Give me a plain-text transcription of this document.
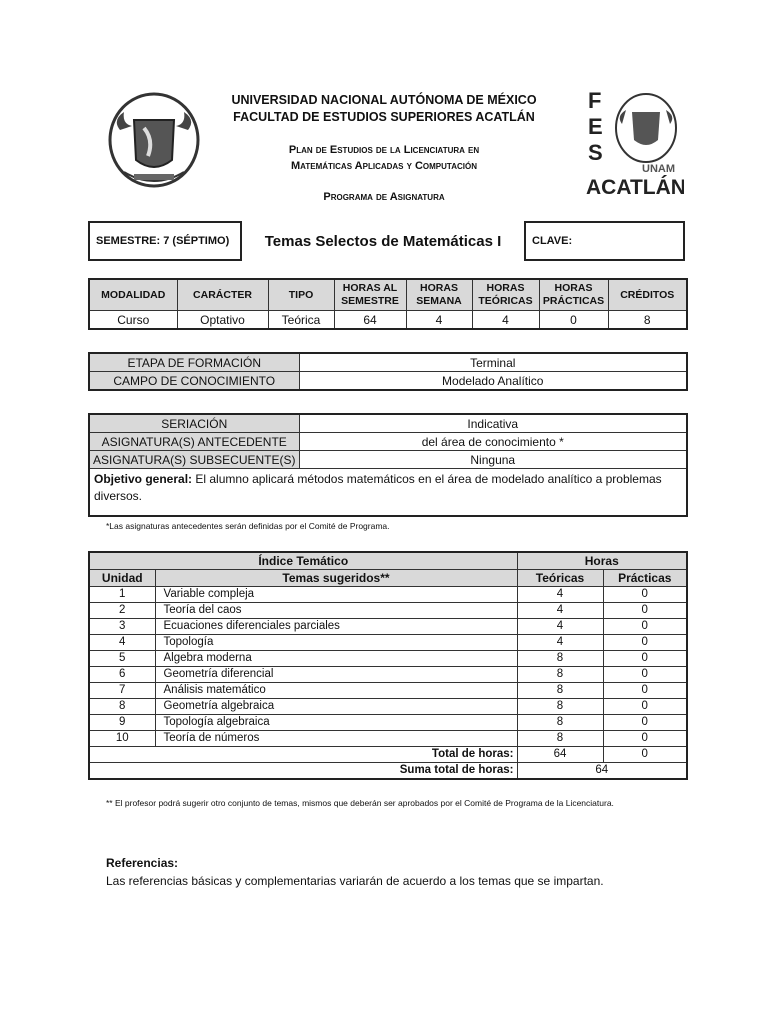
F
E
S
UNAM
ACATLÁN
UNIVERSIDAD NACIONAL AUTÓNOMA DE MÉXICO
FACULTAD DE ESTUDIOS SUPERIORES ACATLÁN
Plan de Estudios de la Licenciatura en
Matemáticas Aplicadas y Computación
Programa de Asignatura
SEMESTRE: 7 (SÉPTIMO)	Temas Selectos de Matemáticas I	CLAVE:
MODALIDAD	CARÁCTER	TIPO	HORAS AL SEMESTRE	HORAS SEMANA	HORAS TEÓRICAS	HORAS PRÁCTICAS	CRÉDITOS
Curso	Optativo	Teórica	64	4	4	0	8
ETAPA DE FORMACIÓN	Terminal
CAMPO DE CONOCIMIENTO	Modelado Analítico
SERIACIÓN	Indicativa
ASIGNATURA(S) ANTECEDENTE	del área de conocimiento *
ASIGNATURA(S) SUBSECUENTE(S)	Ninguna
Objetivo general: El alumno aplicará métodos matemáticos en el área de modelado analítico a problemas diversos.	
*Las asignaturas antecedentes serán definidas por el Comité de Programa.
Índice Temático		Horas	
Unidad	Temas sugeridos**	Teóricas	Prácticas
1	Variable compleja	4	0
2	Teoría del caos	4	0
3	Ecuaciones diferenciales parciales	4	0
4	Topología	4	0
5	Algebra moderna	8	0
6	Geometría diferencial	8	0
7	Análisis matemático	8	0
8	Geometría algebraica	8	0
9	Topología algebraica	8	0
10	Teoría de números	8	0
Total de horas:		64	0
Suma total de horas:		64	
** El profesor podrá sugerir otro conjunto de temas, mismos que deberán ser aprobados por el Comité de Programa de la Licenciatura.
Referencias:
Las referencias básicas y complementarias variarán de acuerdo a los temas que se impartan.
